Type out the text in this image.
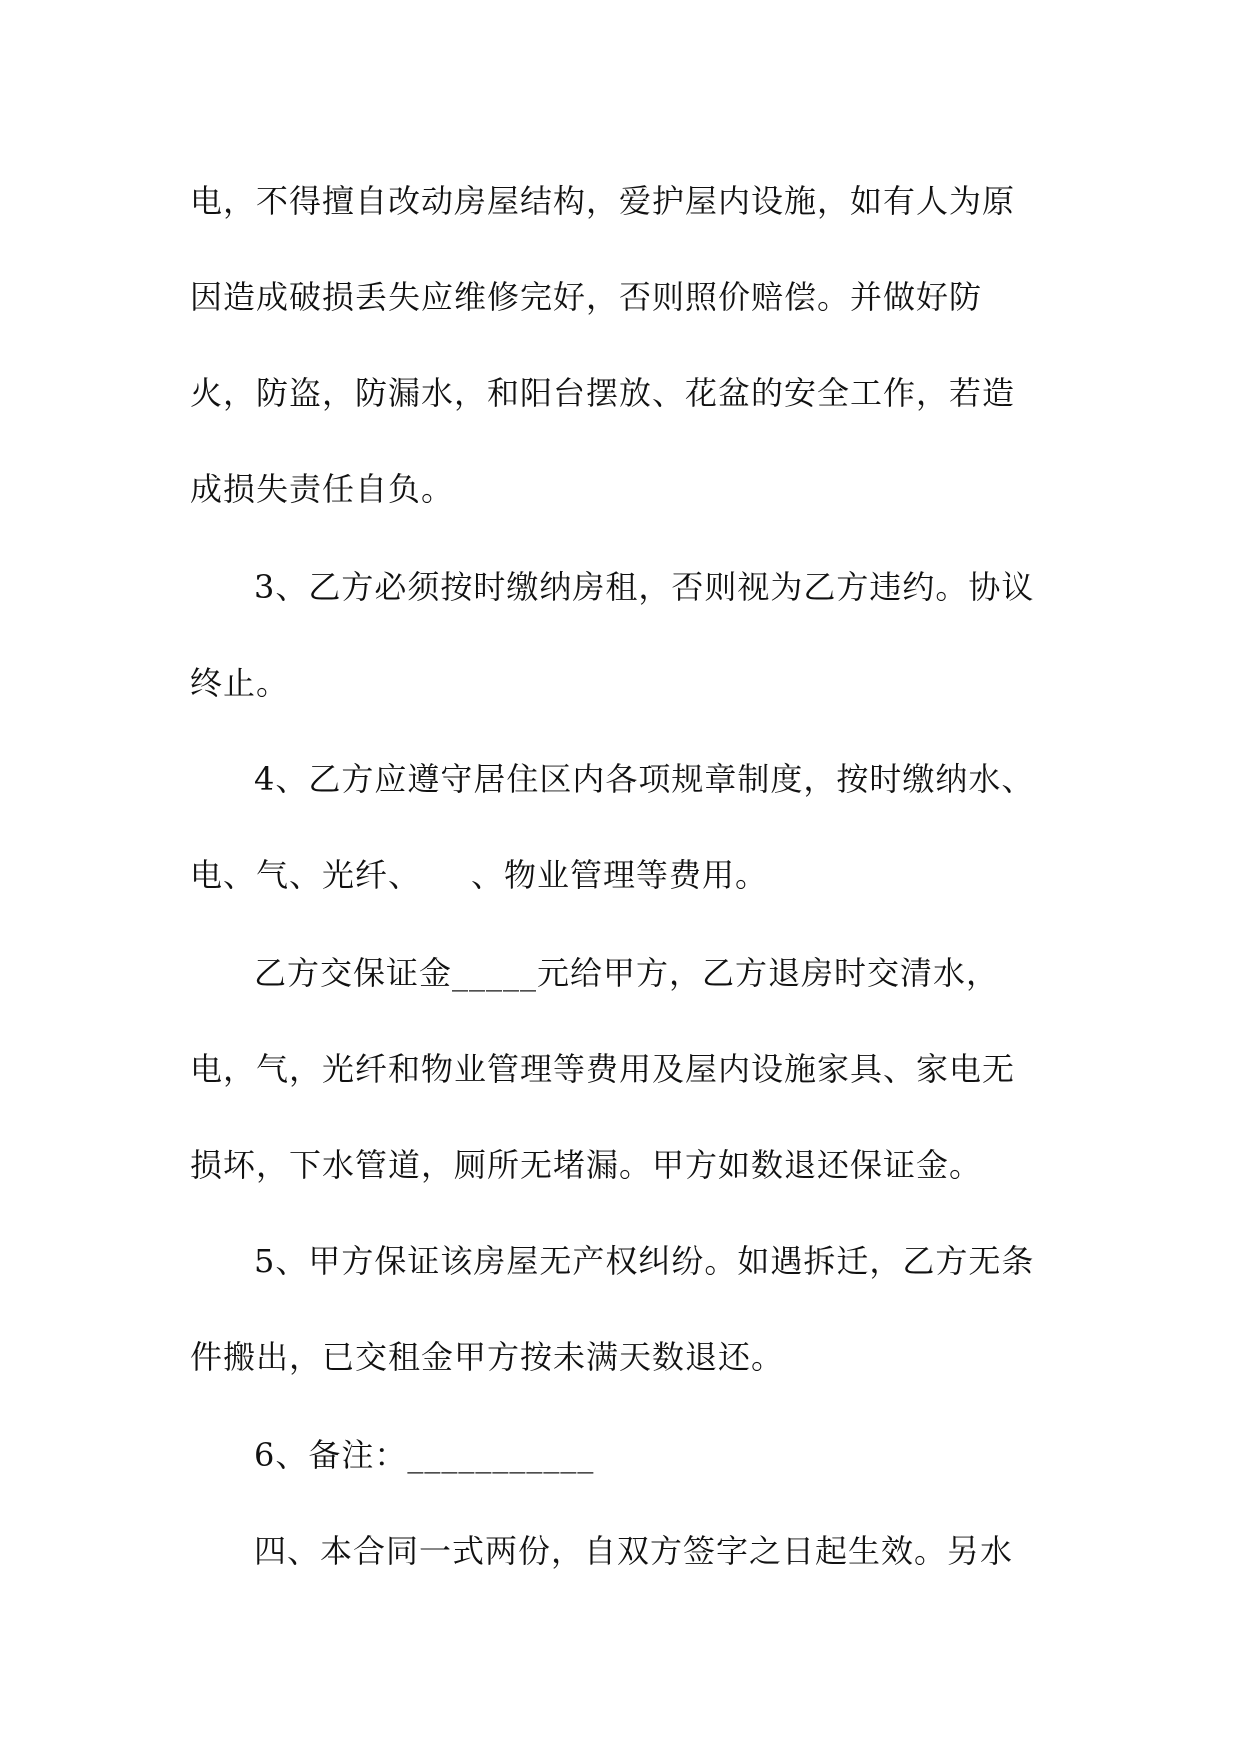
电，不得擅自改动房屋结构，爱护屋内设施，如有人为原
因造成破损丢失应维修完好，否则照价赔偿。并做好防
火，防盗，防漏水，和阳台摆放、花盆的安全工作，若造
成损失责任自负。
3、乙方必须按时缴纳房租，否则视为乙方违约。协议
终止。
4、乙方应遵守居住区内各项规章制度，按时缴纳水、
电、气、光纤、　　、物业管理等费用。
乙方交保证金_____元给甲方，乙方退房时交清水，
电，气，光纤和物业管理等费用及屋内设施家具、家电无
损坏，下水管道，厕所无堵漏。甲方如数退还保证金。
5、甲方保证该房屋无产权纠纷。如遇拆迁，乙方无条
件搬出，已交租金甲方按未满天数退还。
6、备注：___________
四、本合同一式两份，自双方签字之日起生效。另水
